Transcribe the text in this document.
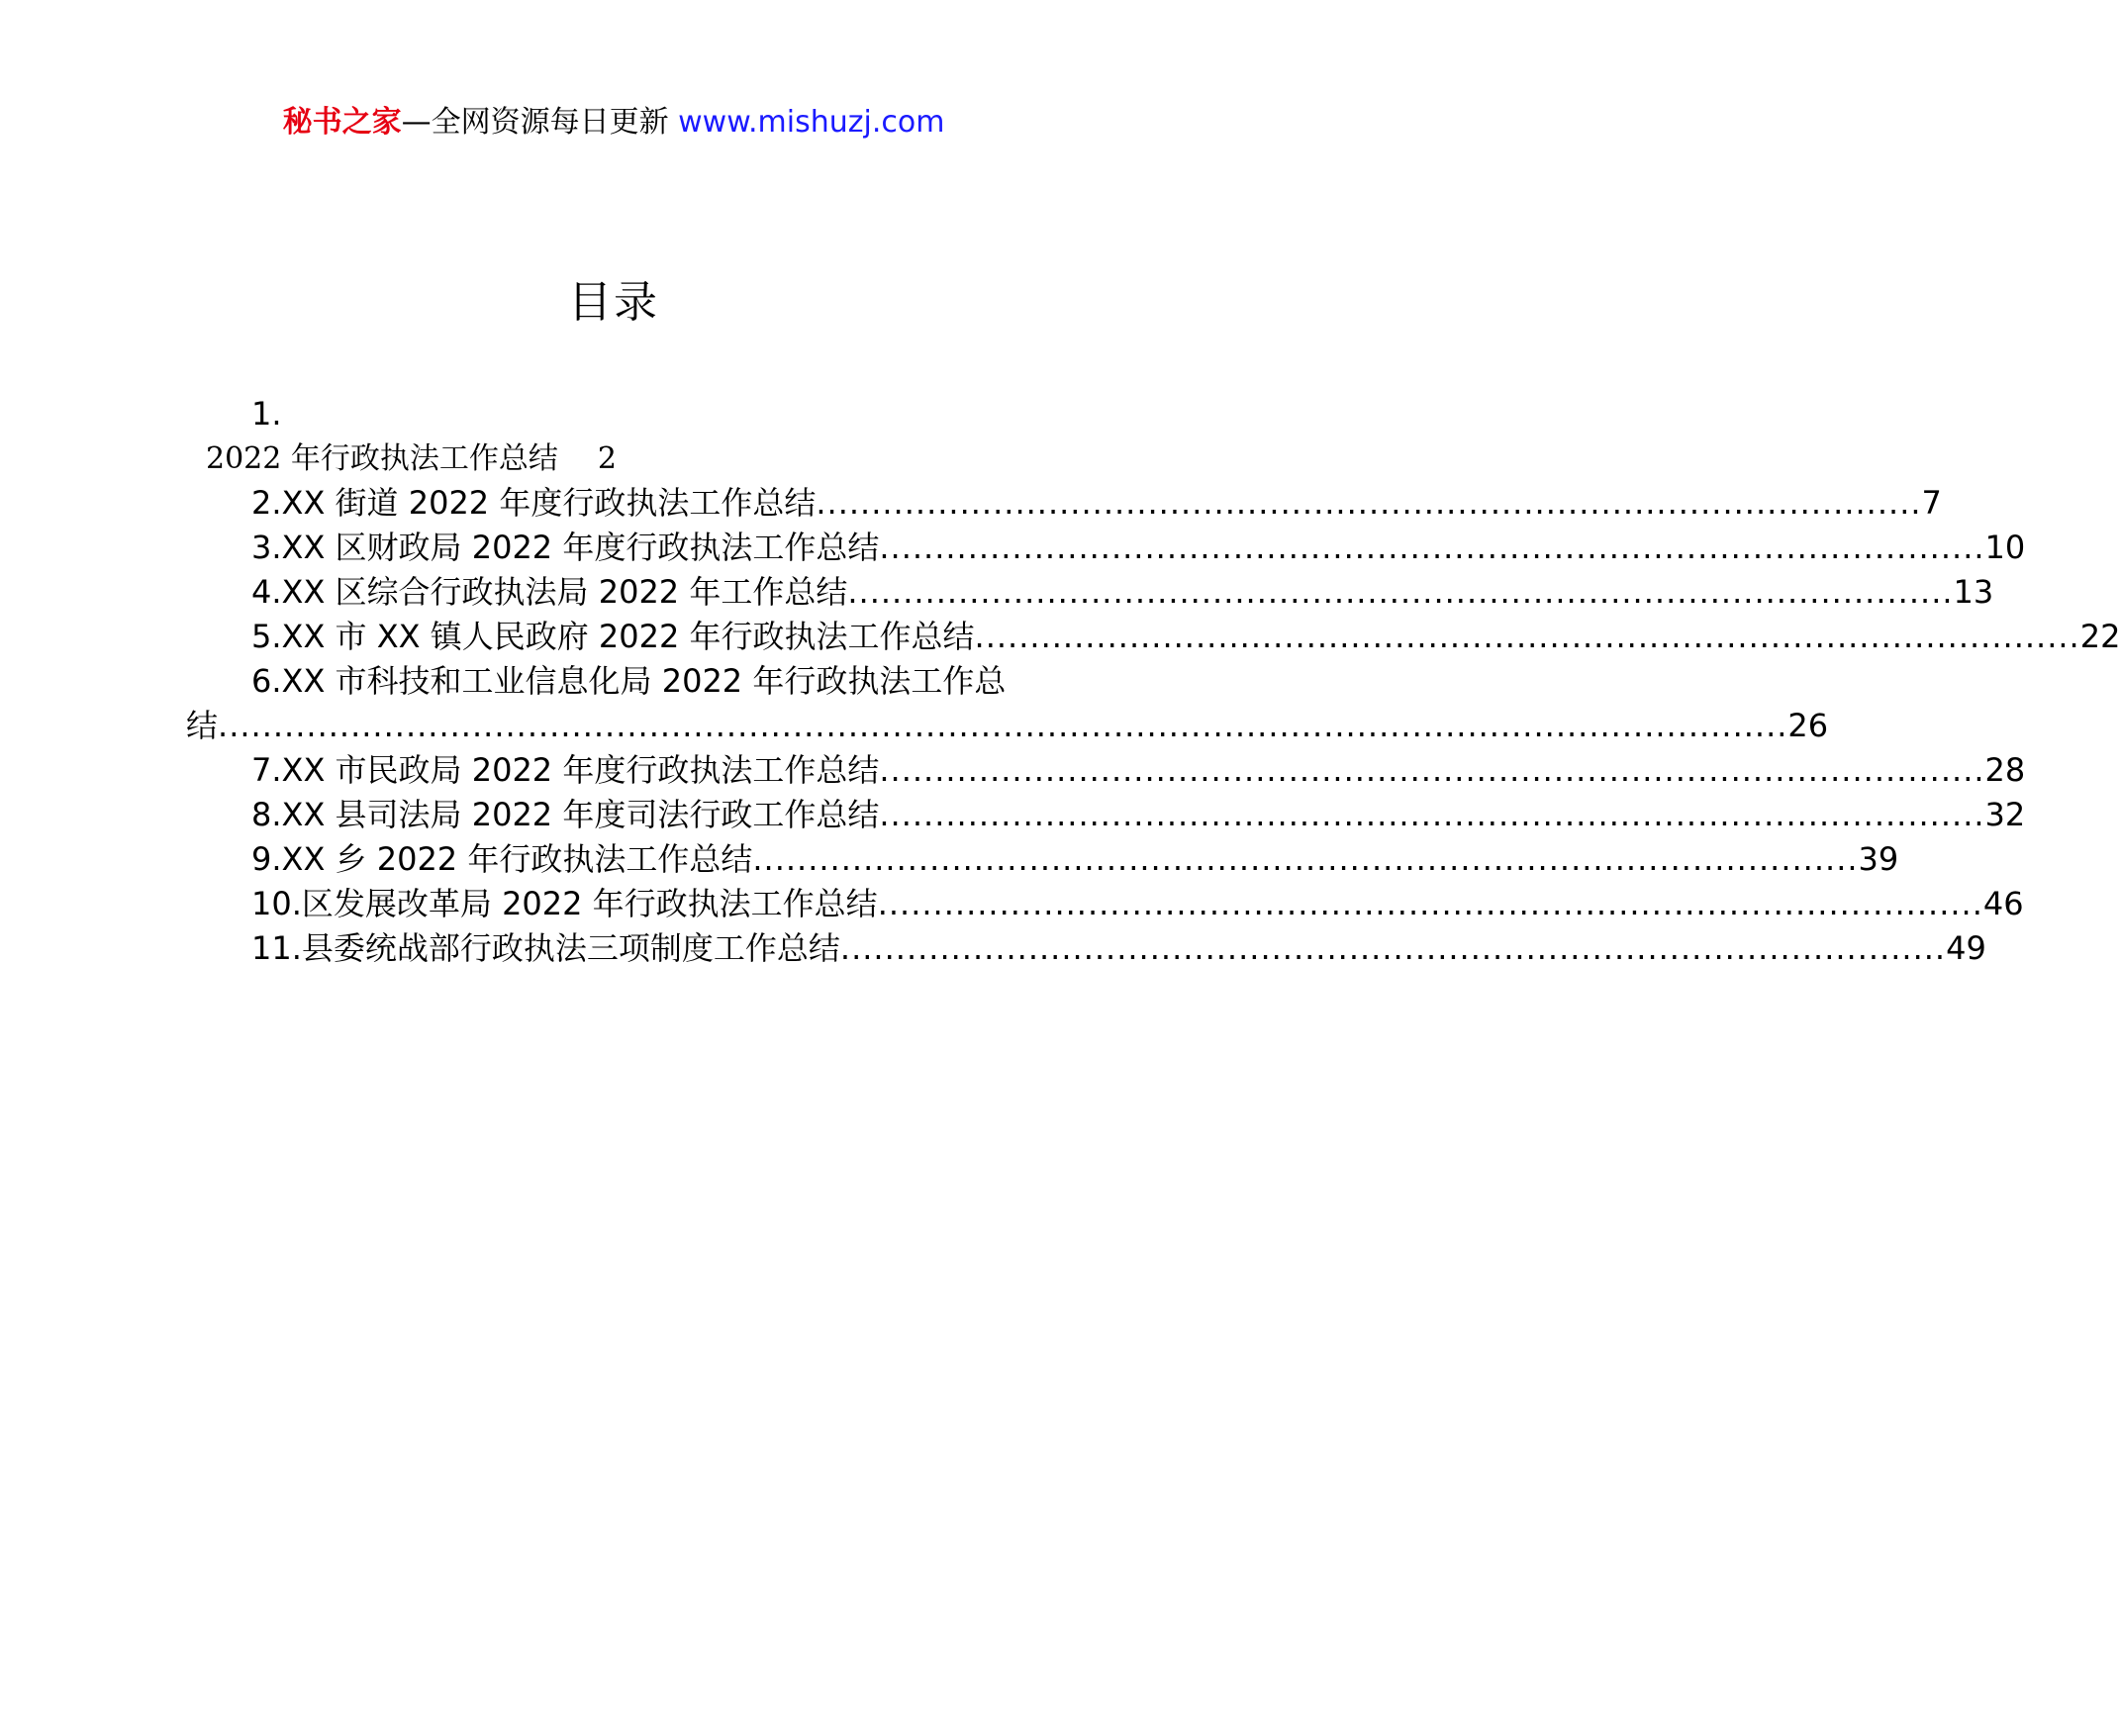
秘书之家—全网资源每日更新 www.mishuzj.com
目录
1.
2022 年行政执法工作总结 2
2.XX 街道 2022 年度行政执法工作总结 .................................................................................................... 7
3.XX 区财政局 2022 年度行政执法工作总结 .................................................................................................... 10
4.XX 区综合行政执法局 2022 年工作总结 .................................................................................................... 13
5.XX 市 XX 镇人民政府 2022 年行政执法工作总结 .................................................................................................... 22
6.XX 市科技和工业信息化局 2022 年行政执法工作总
结 .............................................................................................................................................. 26
7.XX 市民政局 2022 年度行政执法工作总结 .................................................................................................... 28
8.XX 县司法局 2022 年度司法行政工作总结 .................................................................................................... 32
9.XX 乡 2022 年行政执法工作总结 .................................................................................................... 39
10.区发展改革局 2022 年行政执法工作总结 .................................................................................................... 46
11.县委统战部行政执法三项制度工作总结 .................................................................................................... 49
